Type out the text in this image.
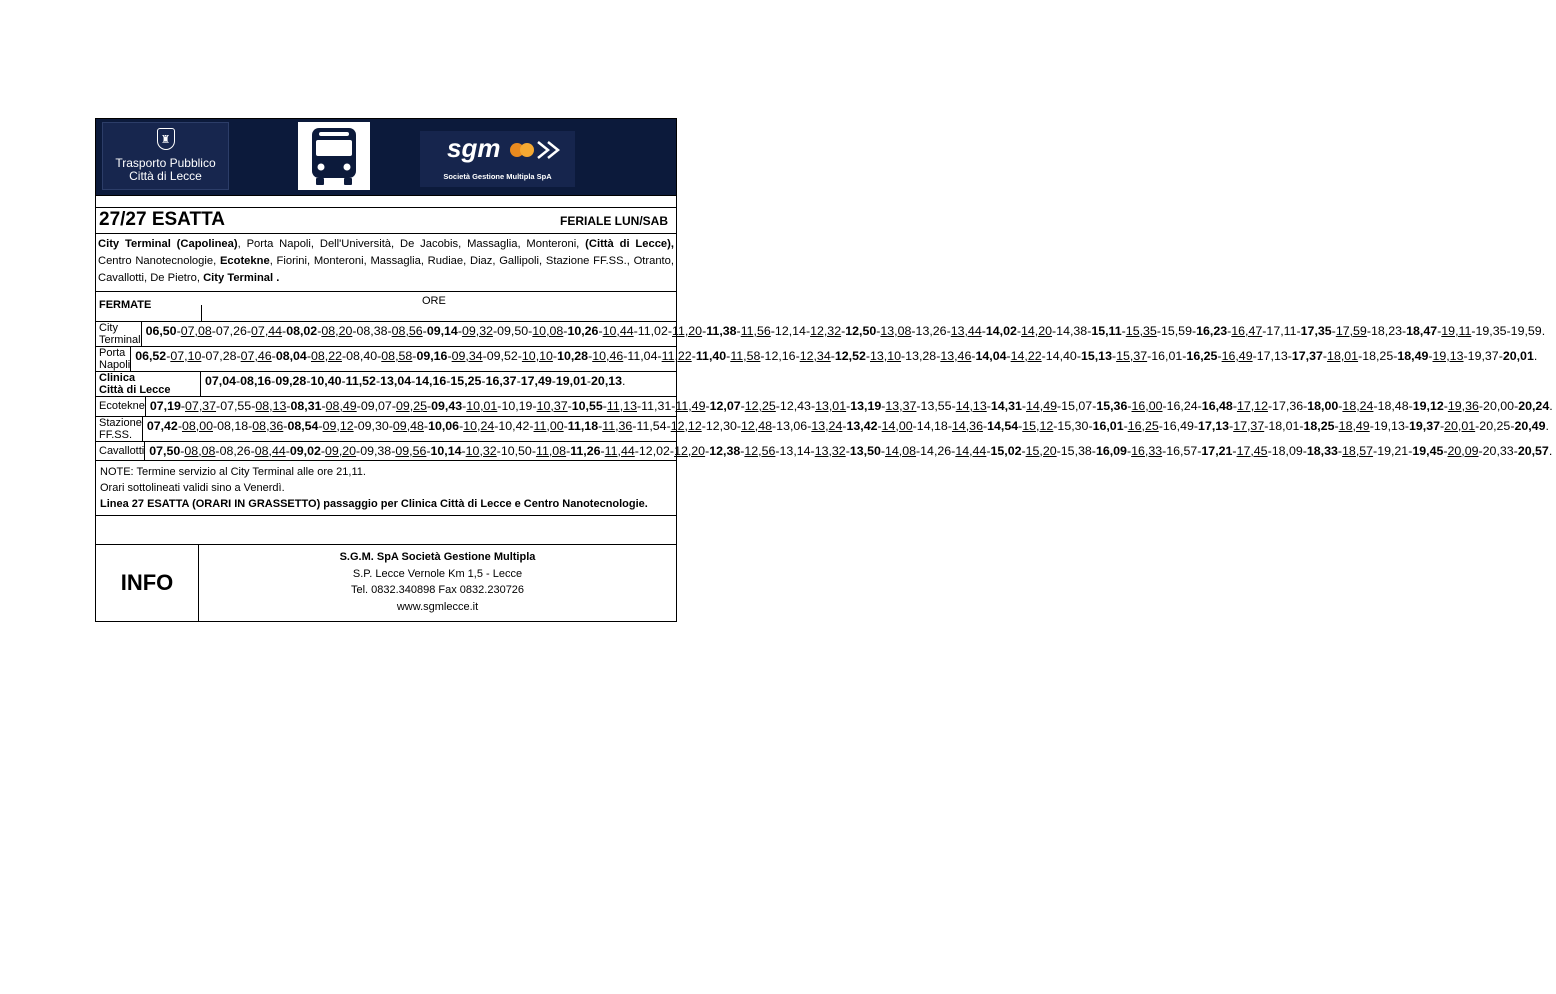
♜
Trasporto Pubblico
Città di Lecce
sgm
Società Gestione Multipla SpA
27/27 ESATTA	FERIALE LUN/SAB
City Terminal (Capolinea), Porta Napoli, Dell'Università, De Jacobis, Massaglia, Monteroni, (Città di Lecce), Centro Nanotecnologie, Ecotekne, Fiorini, Monteroni, Massaglia, Rudiae, Diaz, Gallipoli, Stazione FF.SS., Otranto, Cavallotti, De Pietro, City Terminal .
FERMATE	ORE
City Terminal
06,50-07,08-07,26-07,44-08,02-08,20-08,38-08,56-09,14-09,32-09,50-10,08-10,26-10,44-11,02-11,20-11,38-11,56-12,14-12,32-12,50-13,08-13,26-13,44-14,02-14,20-14,38-15,11-15,35-15,59-16,23-16,47-17,11-17,35-17,59-18,23-18,47-19,11-19,35-19,59.
Porta Napoli
06,52-07,10-07,28-07,46-08,04-08,22-08,40-08,58-09,16-09,34-09,52-10,10-10,28-10,46-11,04-11,22-11,40-11,58-12,16-12,34-12,52-13,10-13,28-13,46-14,04-14,22-14,40-15,13-15,37-16,01-16,25-16,49-17,13-17,37-18,01-18,25-18,49-19,13-19,37-20,01.
Clinica
Città di Lecce
07,04-08,16-09,28-10,40-11,52-13,04-14,16-15,25-16,37-17,49-19,01-20,13.
Ecotekne 07,19-07,37-07,55-08,13-08,31-08,49-09,07-09,25-09,43-10,01-10,19-10,37-10,55-11,13-11,31-11,49-12,07-12,25-12,43-13,01-13,19-13,37-13,55-14,13-14,31-14,49-15,07-15,36-16,00-16,24-16,48-17,12-17,36-18,00-18,24-18,48-19,12-19,36-20,00-20,24.
Stazione FF.SS.
07,42-08,00-08,18-08,36-08,54-09,12-09,30-09,48-10,06-10,24-10,42-11,00-11,18-11,36-11,54-12,12-12,30-12,48-13,06-13,24-13,42-14,00-14,18-14,36-14,54-15,12-15,30-16,01-16,25-16,49-17,13-17,37-18,01-18,25-18,49-19,13-19,37-20,01-20,25-20,49.
Cavallotti 07,50-08,08-08,26-08,44-09,02-09,20-09,38-09,56-10,14-10,32-10,50-11,08-11,26-11,44-12,02-12,20-12,38-12,56-13,14-13,32-13,50-14,08-14,26-14,44-15,02-15,20-15,38-16,09-16,33-16,57-17,21-17,45-18,09-18,33-18,57-19,21-19,45-20,09-20,33-20,57.
NOTE: Termine servizio al City Terminal alle ore 21,11.
Orari sottolineati validi sino a Venerdì.
Linea 27 ESATTA (ORARI IN GRASSETTO) passaggio per Clinica Città di Lecce e Centro Nanotecnologie.
INFO
S.G.M. SpA Società Gestione Multipla
S.P. Lecce Vernole Km 1,5 - Lecce
Tel. 0832.340898 Fax 0832.230726
www.sgmlecce.it
